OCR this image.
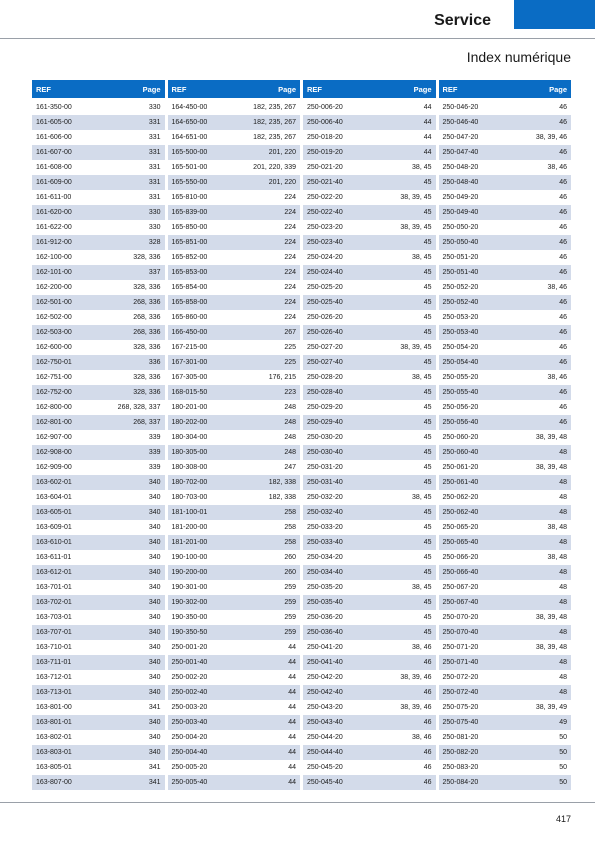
Service
Index numérique
REF	Page
161-350-00	330
161-605-00	331
161-606-00	331
161-607-00	331
161-608-00	331
161-609-00	331
161-611-00	331
161-620-00	330
161-622-00	330
161-912-00	328
162-100-00	328, 336
162-101-00	337
162-200-00	328, 336
162-501-00	268, 336
162-502-00	268, 336
162-503-00	268, 336
162-600-00	328, 336
162-750-01	336
162-751-00	328, 336
162-752-00	328, 336
162-800-00	268, 328, 337
162-801-00	268, 337
162-907-00	339
162-908-00	339
162-909-00	339
163-602-01	340
163-604-01	340
163-605-01	340
163-609-01	340
163-610-01	340
163-611-01	340
163-612-01	340
163-701-01	340
163-702-01	340
163-703-01	340
163-707-01	340
163-710-01	340
163-711-01	340
163-712-01	340
163-713-01	340
163-801-00	341
163-801-01	340
163-802-01	340
163-803-01	340
163-805-01	341
163-807-00	341
REF	Page
164-450-00	182, 235, 267
164-650-00	182, 235, 267
164-651-00	182, 235, 267
165-500-00	201, 220
165-501-00	201, 220, 339
165-550-00	201, 220
165-810-00	224
165-839-00	224
165-850-00	224
165-851-00	224
165-852-00	224
165-853-00	224
165-854-00	224
165-858-00	224
165-860-00	224
166-450-00	267
167-215-00	225
167-301-00	225
167-305-00	176, 215
168-015-50	223
180-201-00	248
180-202-00	248
180-304-00	248
180-305-00	248
180-308-00	247
180-702-00	182, 338
180-703-00	182, 338
181-100-01	258
181-200-00	258
181-201-00	258
190-100-00	260
190-200-00	260
190-301-00	259
190-302-00	259
190-350-00	259
190-350-50	259
250-001-20	44
250-001-40	44
250-002-20	44
250-002-40	44
250-003-20	44
250-003-40	44
250-004-20	44
250-004-40	44
250-005-20	44
250-005-40	44
REF	Page
250-006-20	44
250-006-40	44
250-018-20	44
250-019-20	44
250-021-20	38, 45
250-021-40	45
250-022-20	38, 39, 45
250-022-40	45
250-023-20	38, 39, 45
250-023-40	45
250-024-20	38, 45
250-024-40	45
250-025-20	45
250-025-40	45
250-026-20	45
250-026-40	45
250-027-20	38, 39, 45
250-027-40	45
250-028-20	38, 45
250-028-40	45
250-029-20	45
250-029-40	45
250-030-20	45
250-030-40	45
250-031-20	45
250-031-40	45
250-032-20	38, 45
250-032-40	45
250-033-20	45
250-033-40	45
250-034-20	45
250-034-40	45
250-035-20	38, 45
250-035-40	45
250-036-20	45
250-036-40	45
250-041-20	38, 46
250-041-40	46
250-042-20	38, 39, 46
250-042-40	46
250-043-20	38, 39, 46
250-043-40	46
250-044-20	38, 46
250-044-40	46
250-045-20	46
250-045-40	46
REF	Page
250-046-20	46
250-046-40	46
250-047-20	38, 39, 46
250-047-40	46
250-048-20	38, 46
250-048-40	46
250-049-20	46
250-049-40	46
250-050-20	46
250-050-40	46
250-051-20	46
250-051-40	46
250-052-20	38, 46
250-052-40	46
250-053-20	46
250-053-40	46
250-054-20	46
250-054-40	46
250-055-20	38, 46
250-055-40	46
250-056-20	46
250-056-40	46
250-060-20	38, 39, 48
250-060-40	48
250-061-20	38, 39, 48
250-061-40	48
250-062-20	48
250-062-40	48
250-065-20	38, 48
250-065-40	48
250-066-20	38, 48
250-066-40	48
250-067-20	48
250-067-40	48
250-070-20	38, 39, 48
250-070-40	48
250-071-20	38, 39, 48
250-071-40	48
250-072-20	48
250-072-40	48
250-075-20	38, 39, 49
250-075-40	49
250-081-20	50
250-082-20	50
250-083-20	50
250-084-20	50
417
